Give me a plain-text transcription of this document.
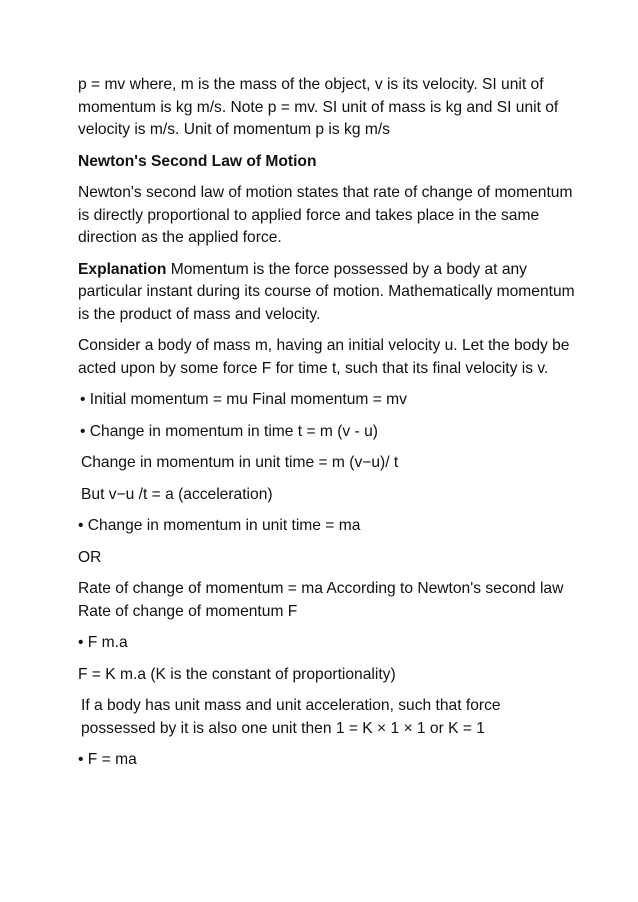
p = mv where, m is the mass of the object, v is its velocity. SI unit of momentum is kg m/s. Note p = mv. SI unit of mass is kg and SI unit of velocity is m/s. Unit of momentum p is kg m/s

Newton's Second Law of Motion

Newton's second law of motion states that rate of change of momentum is directly proportional to applied force and takes place in the same direction as the applied force.

Explanation Momentum is the force possessed by a body at any particular instant during its course of motion. Mathematically momentum is the product of mass and velocity.

Consider a body of mass m, having an initial velocity u. Let the body be acted upon by some force F for time t, such that its final velocity is v.

• Initial momentum = mu Final momentum = mv

• Change in momentum in time t = m (v - u)

Change in momentum in unit time = m (v−u)/ t

But v−u /t = a (acceleration)

• Change in momentum in unit time = ma

OR

Rate of change of momentum = ma According to Newton's second law Rate of change of momentum F

• F m.a

F = K m.a (K is the constant of proportionality)

If a body has unit mass and unit acceleration, such that force possessed by it is also one unit then 1 = K × 1 × 1 or K = 1

• F = ma
